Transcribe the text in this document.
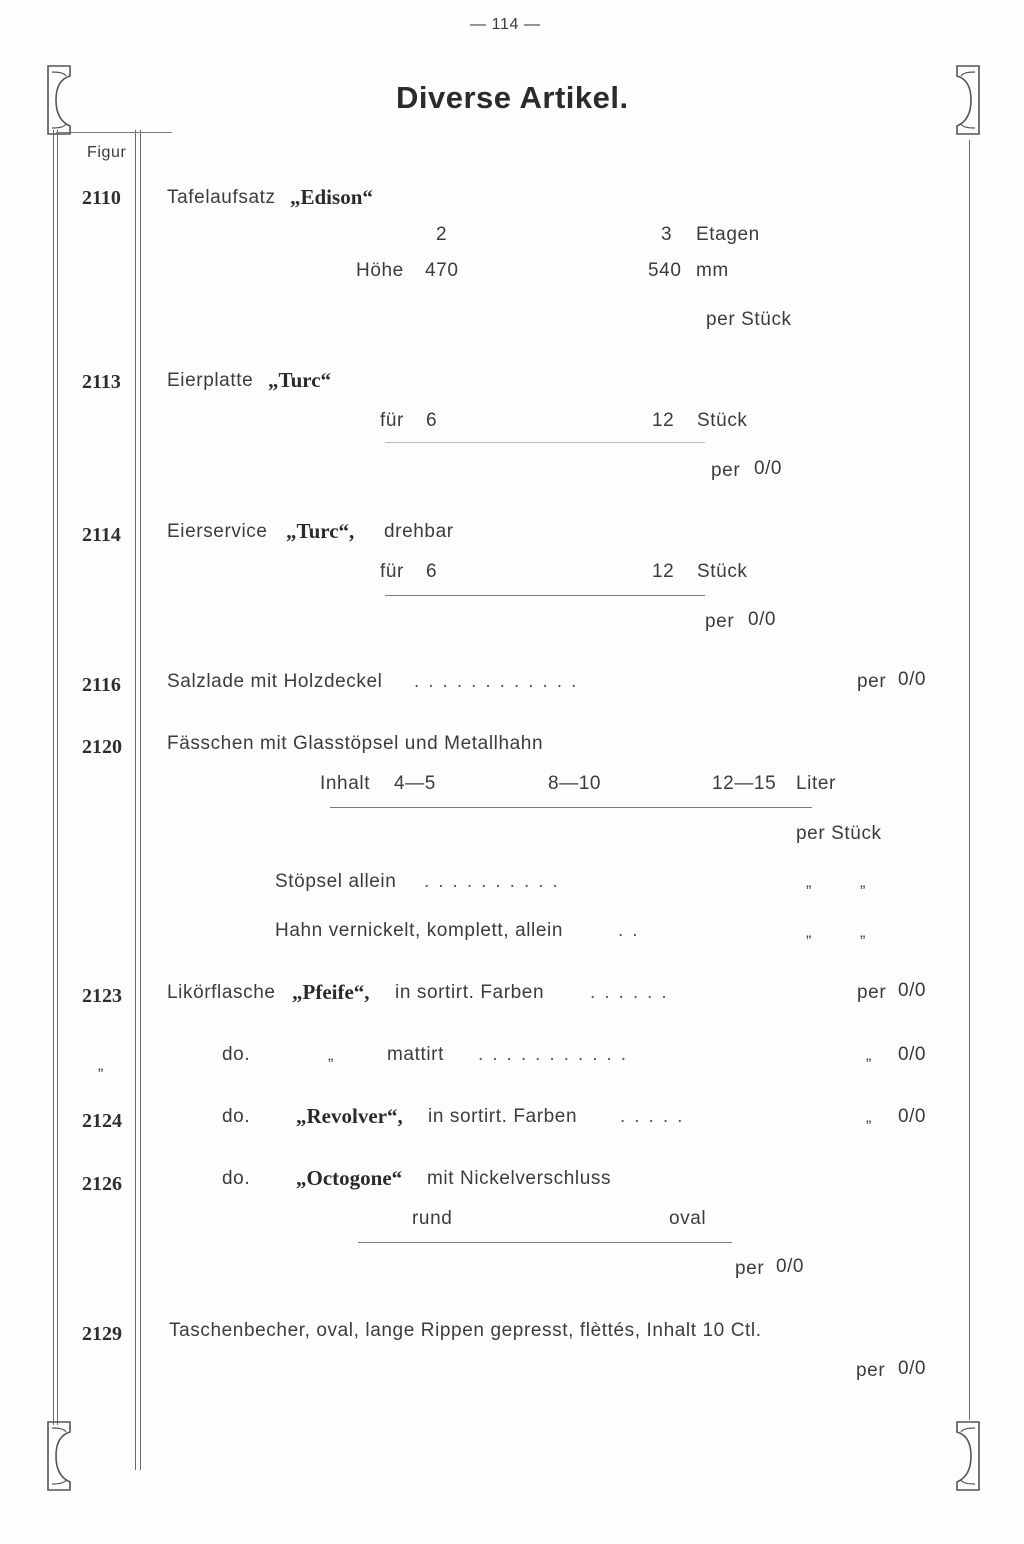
— 114 —
Diverse Artikel.
Figur
2110 Tafelaufsatz „Edison“
2	3 Etagen
Höhe 470	540 mm
per Stück
2113 Eierplatte „Turc“
für 6	12 Stück
per 0/0
2114 Eierservice „Turc“, drehbar
für 6	12 Stück
per 0/0
2116 Salzlade mit Holzdeckel ............	per 0/0
2120 Fässchen mit Glasstöpsel und Metallhahn
Inhalt 4—5	8—10	12—15 Liter
per Stück
Stöpsel allein ..........	„	„
Hahn vernickelt, komplett, allein	..	„	„
2123 Likörflasche „Pfeife“, in sortirt. Farben ......	per 0/0
„
do.	„	mattirt ...........	„ 0/0
2124	do. „Revolver“, in sortirt. Farben .....	„ 0/0
2126	do. „Octogone“ mit Nickelverschluss
rund	oval
per 0/0
2129 Taschenbecher, oval, lange Rippen gepresst, flèttés, Inhalt 10 Ctl.
per 0/0
